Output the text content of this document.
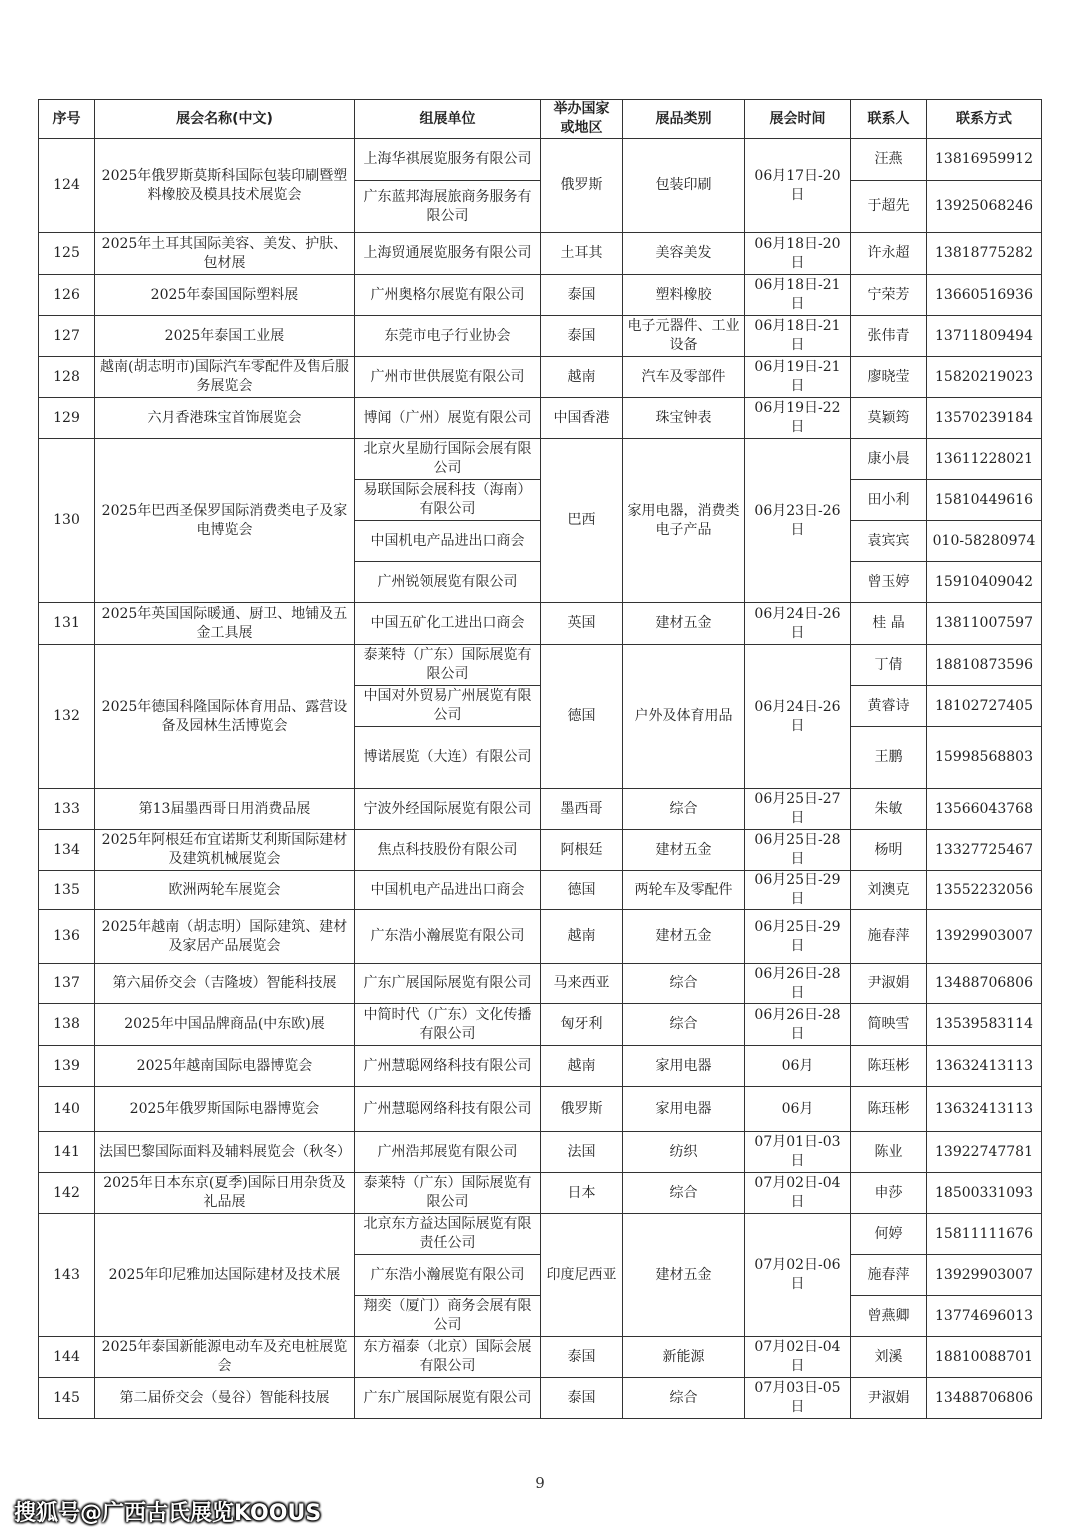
序号	展会名称(中文)	组展单位	举办国家
或地区	展品类别	展会时间	联系人	联系方式
124	2025年俄罗斯莫斯科国际包装印刷暨塑料橡胶及模具技术展览会	上海华祺展览服务有限公司	俄罗斯	包装印刷	06月17日-20日	汪燕	13816959912
		广东蓝邦海展旅商务服务有限公司				于超先	13925068246
125	2025年土耳其国际美容、美发、护肤、包材展	上海贸通展览服务有限公司	土耳其	美容美发	06月18日-20日	许永超	13818775282
126	2025年泰国国际塑料展	广州奥格尔展览有限公司	泰国	塑料橡胶	06月18日-21日	宁荣芳	13660516936
127	2025年泰国工业展	东莞市电子行业协会	泰国	电子元器件、工业设备	06月18日-21日	张伟青	13711809494
128	越南(胡志明市)国际汽车零配件及售后服务展览会	广州市世供展览有限公司	越南	汽车及零部件	06月19日-21日	廖晓莹	15820219023
129	六月香港珠宝首饰展览会	博闻（广州）展览有限公司	中国香港	珠宝钟表	06月19日-22日	莫颖筠	13570239184
130	2025年巴西圣保罗国际消费类电子及家电博览会	北京火星励行国际会展有限公司	巴西	家用电器，消费类电子产品	06月23日-26日	康小晨	13611228021
		易联国际会展科技（海南）有限公司				田小利	15810449616
		中国机电产品进出口商会				袁宾宾	010-58280974
		广州锐领展览有限公司				曾玉婷	15910409042
131	2025年英国国际暖通、厨卫、地铺及五金工具展	中国五矿化工进出口商会	英国	建材五金	06月24日-26日	桂 晶	13811007597
132	2025年德国科隆国际体育用品、露营设备及园林生活博览会	泰莱特（广东）国际展览有限公司	德国	户外及体育用品	06月24日-26日	丁倩	18810873596
		中国对外贸易广州展览有限公司				黄睿诗	18102727405
		博诺展览（大连）有限公司				王鹏	15998568803
133	第13届墨西哥日用消费品展	宁波外经国际展览有限公司	墨西哥	综合	06月25日-27日	朱敏	13566043768
134	2025年阿根廷布宜诺斯艾利斯国际建材及建筑机械展览会	焦点科技股份有限公司	阿根廷	建材五金	06月25日-28日	杨明	13327725467
135	欧洲两轮车展览会	中国机电产品进出口商会	德国	两轮车及零配件	06月25日-29日	刘澳克	13552232056
136	2025年越南（胡志明）国际建筑、建材及家居产品展览会	广东浩小瀚展览有限公司	越南	建材五金	06月25日-29日	施春萍	13929903007
137	第六届侨交会（吉隆坡）智能科技展	广东广展国际展览有限公司	马来西亚	综合	06月26日-28日	尹淑娟	13488706806
138	2025年中国品牌商品(中东欧)展	中简时代（广东）文化传播有限公司	匈牙利	综合	06月26日-28日	简映雪	13539583114
139	2025年越南国际电器博览会	广州慧聪网络科技有限公司	越南	家用电器	06月	陈珏彬	13632413113
140	2025年俄罗斯国际电器博览会	广州慧聪网络科技有限公司	俄罗斯	家用电器	06月	陈珏彬	13632413113
141	法国巴黎国际面料及辅料展览会（秋冬）	广州浩邦展览有限公司	法国	纺织	07月01日-03日	陈业	13922747781
142	2025年日本东京(夏季)国际日用杂货及礼品展	泰莱特（广东）国际展览有限公司	日本	综合	07月02日-04日	申莎	18500331093
143	2025年印尼雅加达国际建材及技术展	北京东方益达国际展览有限责任公司	印度尼西亚	建材五金	07月02日-06日	何婷	15811111676
		广东浩小瀚展览有限公司				施春萍	13929903007
		翔奕（厦门）商务会展有限公司				曾燕卿	13774696013
144	2025年泰国新能源电动车及充电桩展览会	东方福泰（北京）国际会展有限公司	泰国	新能源	07月02日-04日	刘溪	18810088701
145	第二届侨交会（曼谷）智能科技展	广东广展国际展览有限公司	泰国	综合	07月03日-05日	尹淑娟	13488706806
9
搜狐号@广西古氏展览KOOUS
